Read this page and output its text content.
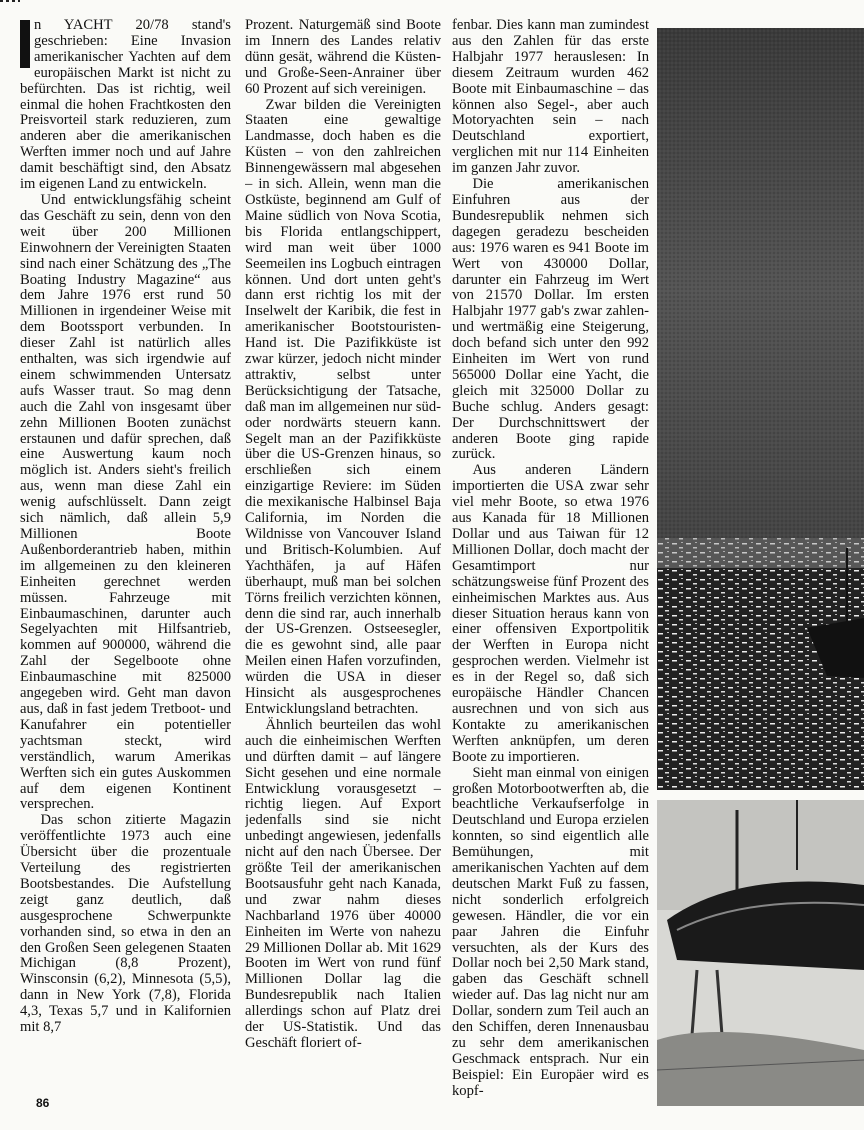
n YACHT 20/78 stand's geschrieben: Eine Invasion amerikanischer Yachten auf dem europäischen Markt ist nicht zu befürchten. Das ist richtig, weil einmal die hohen Frachtkosten den Preisvorteil stark reduzieren, zum anderen aber die amerikanischen Werften immer noch und auf Jahre damit beschäftigt sind, den Absatz im eigenen Land zu entwickeln.

Und entwicklungsfähig scheint das Geschäft zu sein, denn von den weit über 200 Millionen Einwohnern der Vereinigten Staaten sind nach einer Schätzung des „The Boating Industry Magazine“ aus dem Jahre 1976 erst rund 50 Millionen in irgendeiner Weise mit dem Bootssport verbunden. In dieser Zahl ist natürlich alles enthalten, was sich irgendwie auf einem schwimmenden Untersatz aufs Wasser traut. So mag denn auch die Zahl von insgesamt über zehn Millionen Booten zunächst erstaunen und dafür sprechen, daß eine Auswertung kaum noch möglich ist. Anders sieht's freilich aus, wenn man diese Zahl ein wenig aufschlüsselt. Dann zeigt sich nämlich, daß allein 5,9 Millionen Boote Außenborderantrieb haben, mithin im allgemeinen zu den kleineren Einheiten gerechnet werden müssen. Fahrzeuge mit Einbaumaschinen, darunter auch Segelyachten mit Hilfsantrieb, kommen auf 900000, während die Zahl der Segelboote ohne Einbaumaschine mit 825000 angegeben wird. Geht man davon aus, daß in fast jedem Tretboot- und Kanufahrer ein potentieller yachtsman steckt, wird verständlich, warum Amerikas Werften sich ein gutes Auskommen auf dem eigenen Kontinent versprechen.

Das schon zitierte Magazin veröffentlichte 1973 auch eine Übersicht über die prozentuale Verteilung des registrierten Bootsbestandes. Die Aufstellung zeigt ganz deutlich, daß ausgesprochene Schwerpunkte vorhanden sind, so etwa in den an den Großen Seen gelegenen Staaten Michigan (8,8 Prozent), Winsconsin (6,2), Minnesota (5,5), dann in New York (7,8), Florida 4,3, Texas 5,7 und in Kalifornien mit 8,7

Prozent. Naturgemäß sind Boote im Innern des Landes relativ dünn gesät, während die Küsten- und Große-Seen-Anrainer über 60 Prozent auf sich vereinigen.

Zwar bilden die Vereinigten Staaten eine gewaltige Landmasse, doch haben es die Küsten – von den zahlreichen Binnengewässern mal abgesehen – in sich. Allein, wenn man die Ostküste, beginnend am Gulf of Maine südlich von Nova Scotia, bis Florida entlangschippert, wird man weit über 1000 Seemeilen ins Logbuch eintragen können. Und dort unten geht's dann erst richtig los mit der Inselwelt der Karibik, die fest in amerikanischer Bootstouristen-Hand ist. Die Pazifikküste ist zwar kürzer, jedoch nicht minder attraktiv, selbst unter Berücksichtigung der Tatsache, daß man im allgemeinen nur süd- oder nordwärts steuern kann. Segelt man an der Pazifikküste über die US-Grenzen hinaus, so erschließen sich einem einzigartige Reviere: im Süden die mexikanische Halbinsel Baja California, im Norden die Wildnisse von Vancouver Island und Britisch-Kolumbien. Auf Yachthäfen, ja auf Häfen überhaupt, muß man bei solchen Törns freilich verzichten können, denn die sind rar, auch innerhalb der US-Grenzen. Ostseesegler, die es gewohnt sind, alle paar Meilen einen Hafen vorzufinden, würden die USA in dieser Hinsicht als ausgesprochenes Entwicklungsland betrachten.

Ähnlich beurteilen das wohl auch die einheimischen Werften und dürften damit – auf längere Sicht gesehen und eine normale Entwicklung vorausgesetzt – richtig liegen. Auf Export jedenfalls sind sie nicht unbedingt angewiesen, jedenfalls nicht auf den nach Übersee. Der größte Teil der amerikanischen Bootsausfuhr geht nach Kanada, und zwar nahm dieses Nachbarland 1976 über 40000 Einheiten im Werte von nahezu 29 Millionen Dollar ab. Mit 1629 Booten im Wert von rund fünf Millionen Dollar lag die Bundesrepublik nach Italien allerdings schon auf Platz drei der US-Statistik. Und das Geschäft floriert of-

fenbar. Dies kann man zumindest aus den Zahlen für das erste Halbjahr 1977 herauslesen: In diesem Zeitraum wurden 462 Boote mit Einbaumaschine – das können also Segel-, aber auch Motoryachten sein – nach Deutschland exportiert, verglichen mit nur 114 Einheiten im ganzen Jahr zuvor.

Die amerikanischen Einfuhren aus der Bundesrepublik nehmen sich dagegen geradezu bescheiden aus: 1976 waren es 941 Boote im Wert von 430000 Dollar, darunter ein Fahrzeug im Wert von 21570 Dollar. Im ersten Halbjahr 1977 gab's zwar zahlen- und wertmäßig eine Steigerung, doch befand sich unter den 992 Einheiten im Wert von rund 565000 Dollar eine Yacht, die gleich mit 325000 Dollar zu Buche schlug. Anders gesagt: Der Durchschnittswert der anderen Boote ging rapide zurück.

Aus anderen Ländern importierten die USA zwar sehr viel mehr Boote, so etwa 1976 aus Kanada für 18 Millionen Dollar und aus Taiwan für 12 Millionen Dollar, doch macht der Gesamtimport nur schätzungsweise fünf Prozent des einheimischen Marktes aus. Aus dieser Situation heraus kann von einer offensiven Exportpolitik der Werften in Europa nicht gesprochen werden. Vielmehr ist es in der Regel so, daß sich europäische Händler Chancen ausrechnen und von sich aus Kontakte zu amerikanischen Werften anknüpfen, um deren Boote zu importieren.

Sieht man einmal von einigen großen Motorbootwerften ab, die beachtliche Verkaufserfolge in Deutschland und Europa erzielen konnten, so sind eigentlich alle Bemühungen, mit amerikanischen Yachten auf dem deutschen Markt Fuß zu fassen, nicht sonderlich erfolgreich gewesen. Händler, die vor ein paar Jahren die Einfuhr versuchten, als der Kurs des Dollar noch bei 2,50 Mark stand, gaben das Geschäft schnell wieder auf. Das lag nicht nur am Dollar, sondern zum Teil auch an den Schiffen, deren Innenausbau zu sehr dem amerikanischen Geschmack entsprach. Nur ein Beispiel: Ein Europäer wird es kopf-

86
